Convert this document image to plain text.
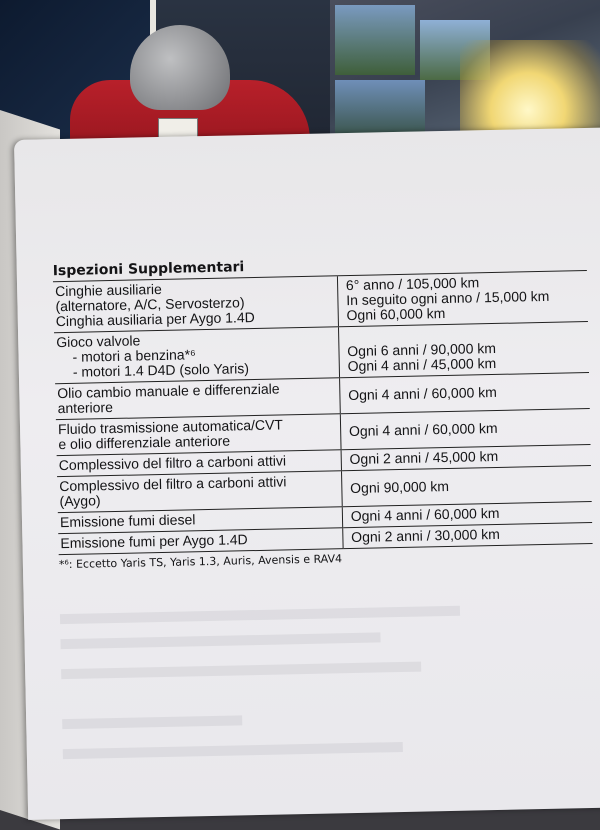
Ispezioni Supplementari
Cinghie ausiliarie
(alternatore, A/C, Servosterzo)
Cinghia ausiliaria per Aygo 1.4D	6° anno / 105,000 km
In seguito ogni anno / 15,000 km
Ogni 60,000 km

Gioco valvole
- motori a benzina*⁶
- motori 1.4 D4D (solo Yaris)	Ogni 6 anni / 90,000 km
Ogni 4 anni / 45,000 km

Olio cambio manuale e differenziale
anteriore	Ogni 4 anni / 60,000 km

Fluido trasmissione automatica/CVT
e olio differenziale anteriore	Ogni 4 anni / 60,000 km

Complessivo del filtro a carboni attivi	Ogni 2 anni / 45,000 km

Complessivo del filtro a carboni attivi
(Aygo)	Ogni 90,000 km

Emissione fumi diesel	Ogni 4 anni / 60,000 km

Emissione fumi per Aygo 1.4D	Ogni 2 anni / 30,000 km
*⁶: Eccetto Yaris TS, Yaris 1.3, Auris, Avensis e RAV4
